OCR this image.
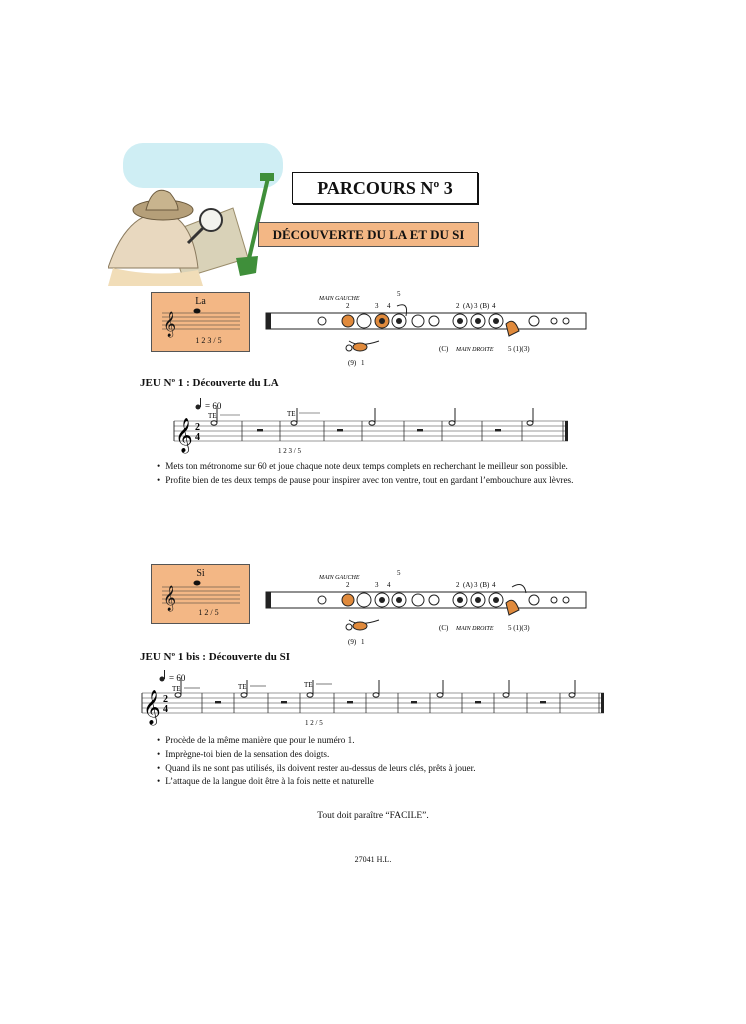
PARCOURS Nº 3
DÉCOUVERTE DU LA ET DU SI
𝄞
La
1 2 3 / 5
MAIN GAUCHE
2	3 4
5
2 (A) 3 (B) 4
(9) 1
(C) MAIN DROITE 5 (1)(3)
JEU Nº 1 : Découverte du LA
𝄞 2
4
= 60
TE	TE
1 2 3 / 5
• Mets ton métronome sur 60 et joue chaque note deux temps complets en recherchant le meilleur son possible.
• Profite bien de tes deux temps de pause pour inspirer avec ton ventre, tout en gardant l’embouchure aux lèvres.
𝄞
Si
1 2 / 5
MAIN GAUCHE
2	3 4
5
2 (A) 3 (B) 4
(9) 1
(C) MAIN DROITE 5 (1)(3)
JEU Nº 1 bis : Découverte du SI
𝄞 2
4
= 60
TE	TE	TE
1 2 / 5
• Procède de la même manière que pour le numéro 1.
• Imprègne-toi bien de la sensation des doigts.
• Quand ils ne sont pas utilisés, ils doivent rester au-dessus de leurs clés, prêts à jouer.
• L’attaque de la langue doit être à la fois nette et naturelle
Tout doit paraître “FACILE”.
27041 H.L.
